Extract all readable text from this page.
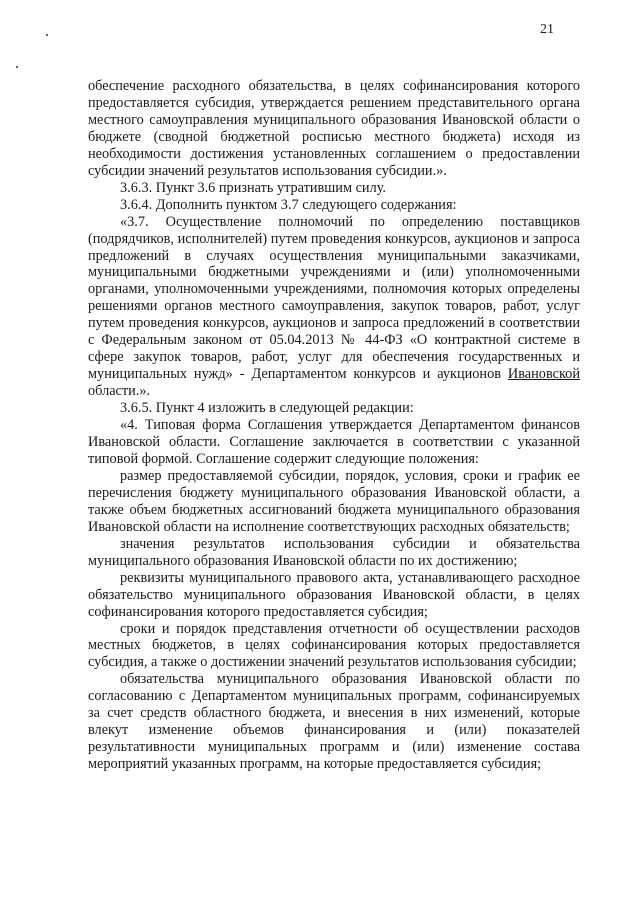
21

обеспечение расходного обязательства, в целях софинансирования которого предоставляется субсидия, утверждается решением представительного органа местного самоуправления муниципального образования Ивановской области о бюджете (сводной бюджетной росписью местного бюджета) исходя из необходимости достижения установленных соглашением о предоставлении субсидии значений результатов использования субсидии.».

3.6.3. Пункт 3.6 признать утратившим силу.

3.6.4. Дополнить пунктом 3.7 следующего содержания:

«3.7. Осуществление полномочий по определению поставщиков (подрядчиков, исполнителей) путем проведения конкурсов, аукционов и запроса предложений в случаях осуществления муниципальными заказчиками, муниципальными бюджетными учреждениями и (или) уполномоченными органами, уполномоченными учреждениями, полномочия которых определены решениями органов местного самоуправления, закупок товаров, работ, услуг путем проведения конкурсов, аукционов и запроса предложений в соответствии с Федеральным законом от 05.04.2013 № 44-ФЗ «О контрактной системе в сфере закупок товаров, работ, услуг для обеспечения государственных и муниципальных нужд» - Департаментом конкурсов и аукционов Ивановской области.».

3.6.5. Пункт 4 изложить в следующей редакции:

«4. Типовая форма Соглашения утверждается Департаментом финансов Ивановской области. Соглашение заключается в соответствии с указанной типовой формой. Соглашение содержит следующие положения:

размер предоставляемой субсидии, порядок, условия, сроки и график ее перечисления бюджету муниципального образования Ивановской области, а также объем бюджетных ассигнований бюджета муниципального образования Ивановской области на исполнение соответствующих расходных обязательств;

значения результатов использования субсидии и обязательства муниципального образования Ивановской области по их достижению;

реквизиты муниципального правового акта, устанавливающего расходное обязательство муниципального образования Ивановской области, в целях софинансирования которого предоставляется субсидия;

сроки и порядок представления отчетности об осуществлении расходов местных бюджетов, в целях софинансирования которых предоставляется субсидия, а также о достижении значений результатов использования субсидии;

обязательства муниципального образования Ивановской области по согласованию с Департаментом муниципальных программ, софинансируемых за счет средств областного бюджета, и внесения в них изменений, которые влекут изменение объемов финансирования и (или) показателей результативности муниципальных программ и (или) изменение состава мероприятий указанных программ, на которые предоставляется субсидия;
